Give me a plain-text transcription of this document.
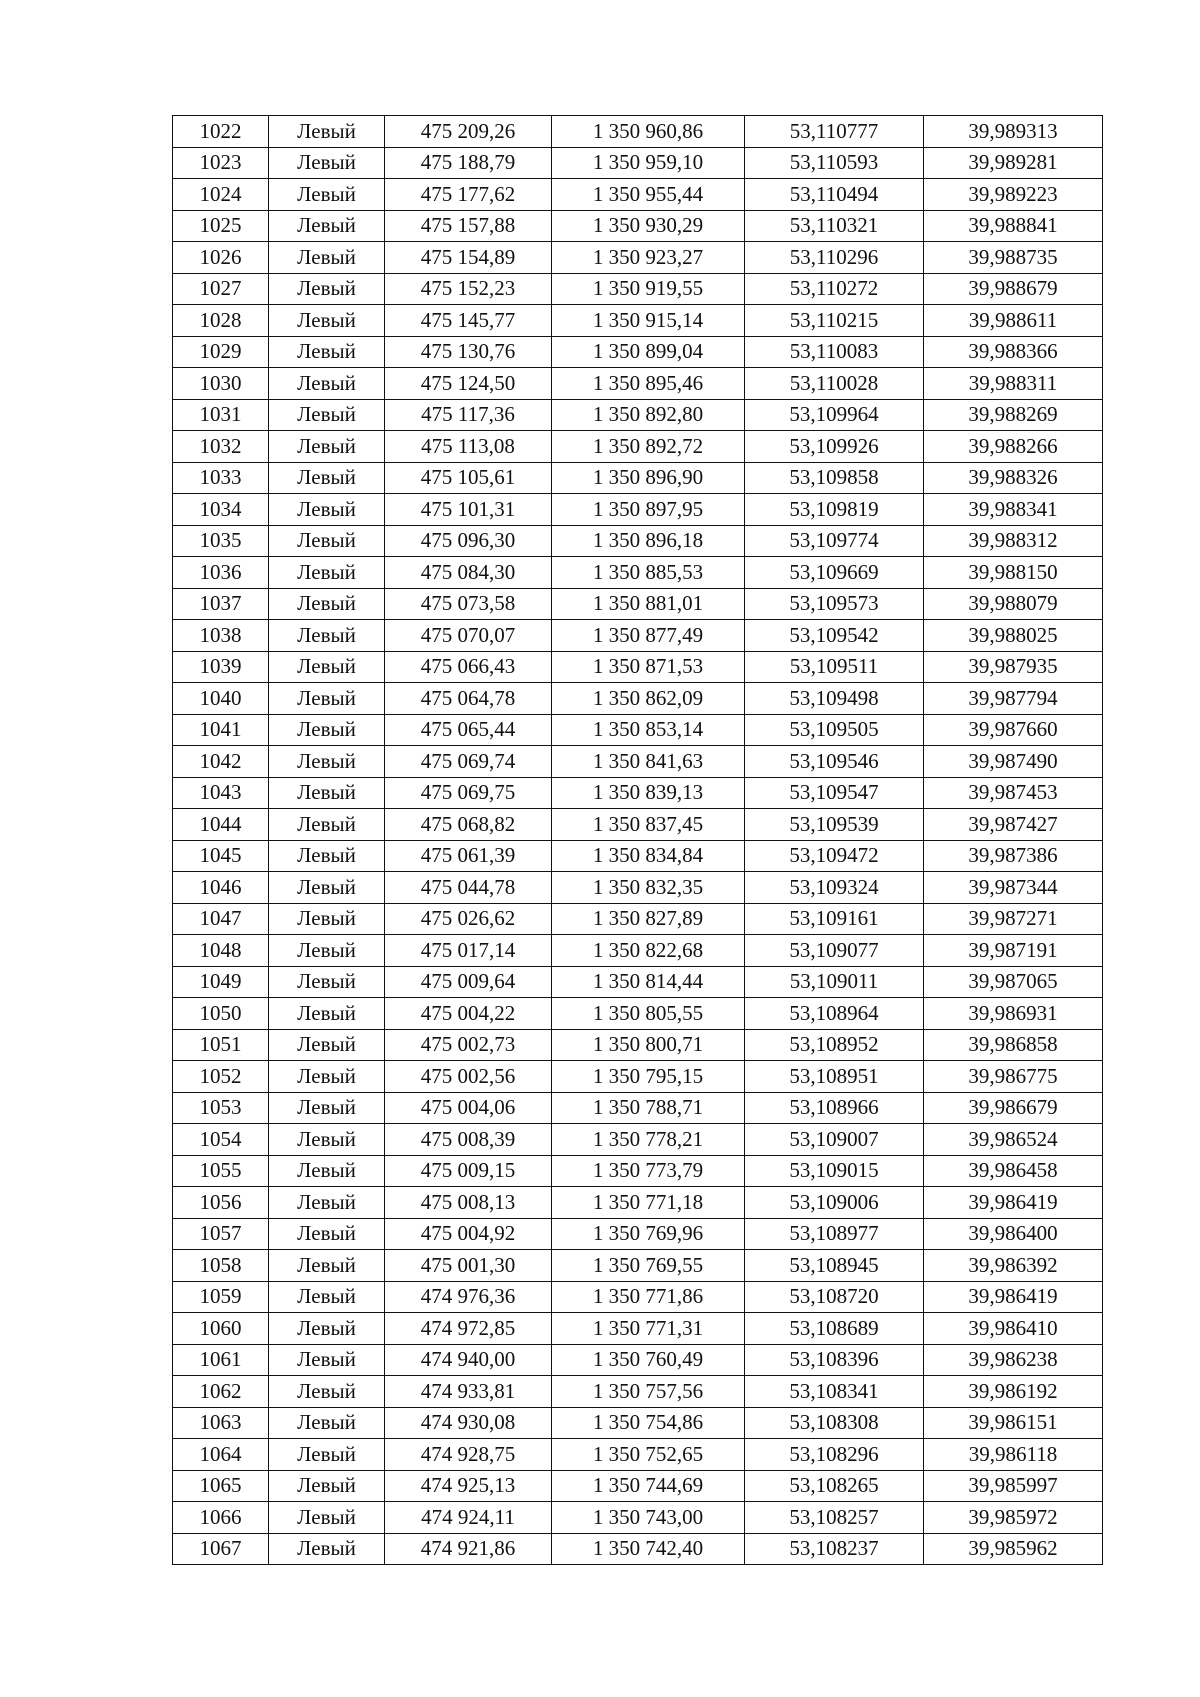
1022	Левый	475 209,26	1 350 960,86	53,110777	39,989313
1023	Левый	475 188,79	1 350 959,10	53,110593	39,989281
1024	Левый	475 177,62	1 350 955,44	53,110494	39,989223
1025	Левый	475 157,88	1 350 930,29	53,110321	39,988841
1026	Левый	475 154,89	1 350 923,27	53,110296	39,988735
1027	Левый	475 152,23	1 350 919,55	53,110272	39,988679
1028	Левый	475 145,77	1 350 915,14	53,110215	39,988611
1029	Левый	475 130,76	1 350 899,04	53,110083	39,988366
1030	Левый	475 124,50	1 350 895,46	53,110028	39,988311
1031	Левый	475 117,36	1 350 892,80	53,109964	39,988269
1032	Левый	475 113,08	1 350 892,72	53,109926	39,988266
1033	Левый	475 105,61	1 350 896,90	53,109858	39,988326
1034	Левый	475 101,31	1 350 897,95	53,109819	39,988341
1035	Левый	475 096,30	1 350 896,18	53,109774	39,988312
1036	Левый	475 084,30	1 350 885,53	53,109669	39,988150
1037	Левый	475 073,58	1 350 881,01	53,109573	39,988079
1038	Левый	475 070,07	1 350 877,49	53,109542	39,988025
1039	Левый	475 066,43	1 350 871,53	53,109511	39,987935
1040	Левый	475 064,78	1 350 862,09	53,109498	39,987794
1041	Левый	475 065,44	1 350 853,14	53,109505	39,987660
1042	Левый	475 069,74	1 350 841,63	53,109546	39,987490
1043	Левый	475 069,75	1 350 839,13	53,109547	39,987453
1044	Левый	475 068,82	1 350 837,45	53,109539	39,987427
1045	Левый	475 061,39	1 350 834,84	53,109472	39,987386
1046	Левый	475 044,78	1 350 832,35	53,109324	39,987344
1047	Левый	475 026,62	1 350 827,89	53,109161	39,987271
1048	Левый	475 017,14	1 350 822,68	53,109077	39,987191
1049	Левый	475 009,64	1 350 814,44	53,109011	39,987065
1050	Левый	475 004,22	1 350 805,55	53,108964	39,986931
1051	Левый	475 002,73	1 350 800,71	53,108952	39,986858
1052	Левый	475 002,56	1 350 795,15	53,108951	39,986775
1053	Левый	475 004,06	1 350 788,71	53,108966	39,986679
1054	Левый	475 008,39	1 350 778,21	53,109007	39,986524
1055	Левый	475 009,15	1 350 773,79	53,109015	39,986458
1056	Левый	475 008,13	1 350 771,18	53,109006	39,986419
1057	Левый	475 004,92	1 350 769,96	53,108977	39,986400
1058	Левый	475 001,30	1 350 769,55	53,108945	39,986392
1059	Левый	474 976,36	1 350 771,86	53,108720	39,986419
1060	Левый	474 972,85	1 350 771,31	53,108689	39,986410
1061	Левый	474 940,00	1 350 760,49	53,108396	39,986238
1062	Левый	474 933,81	1 350 757,56	53,108341	39,986192
1063	Левый	474 930,08	1 350 754,86	53,108308	39,986151
1064	Левый	474 928,75	1 350 752,65	53,108296	39,986118
1065	Левый	474 925,13	1 350 744,69	53,108265	39,985997
1066	Левый	474 924,11	1 350 743,00	53,108257	39,985972
1067	Левый	474 921,86	1 350 742,40	53,108237	39,985962
